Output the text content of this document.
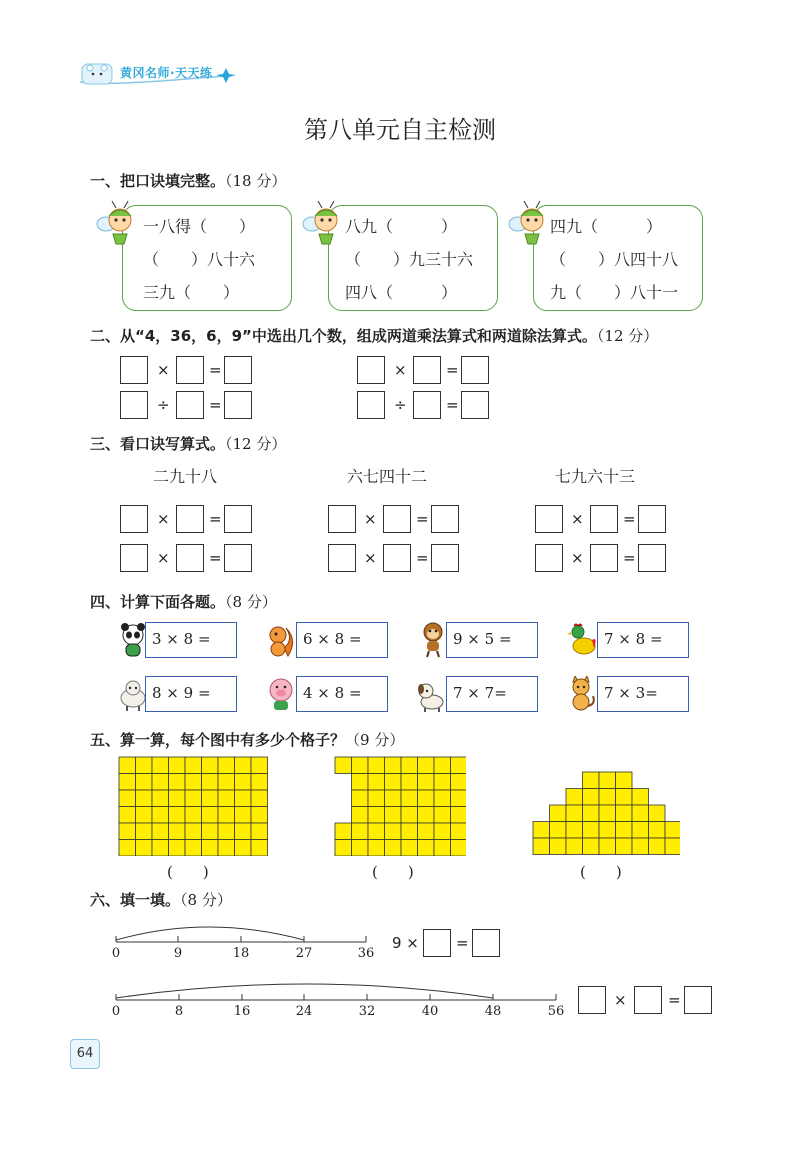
黄冈名师·天天练
第八单元自主检测
一、把口诀填完整。（18 分）
一八得（　　）
（　　）八十六
三九（　　）
八九（　　　）
（　　）九三十六
四八（　　　）
四九（　　　）
（　　）八四十八
九（　　）八十一
二、从“4，36，6，9”中选出几个数，组成两道乘法算式和两道除法算式。（12 分）
×	=	×	=
÷	=	÷	=
三、看口诀写算式。（12 分）
二九十八	六七四十二	七九六十三
×	=
×	=
×	=
×	=
×	=
×	=
四、计算下面各题。（8 分）
3 × 8 =	6 × 8 =	9 × 5 =	7 × 8 =
8 × 9 =	4 × 8 =	7 × 7=	7 × 3=
五、算一算，每个图中有多少个格子？（9 分）
(　　)	(　　)	(　　)
六、填一填。（8 分）
0	9	18	27	36
9 × =
0	8	16	24	32	40	48	56
×	=
64
